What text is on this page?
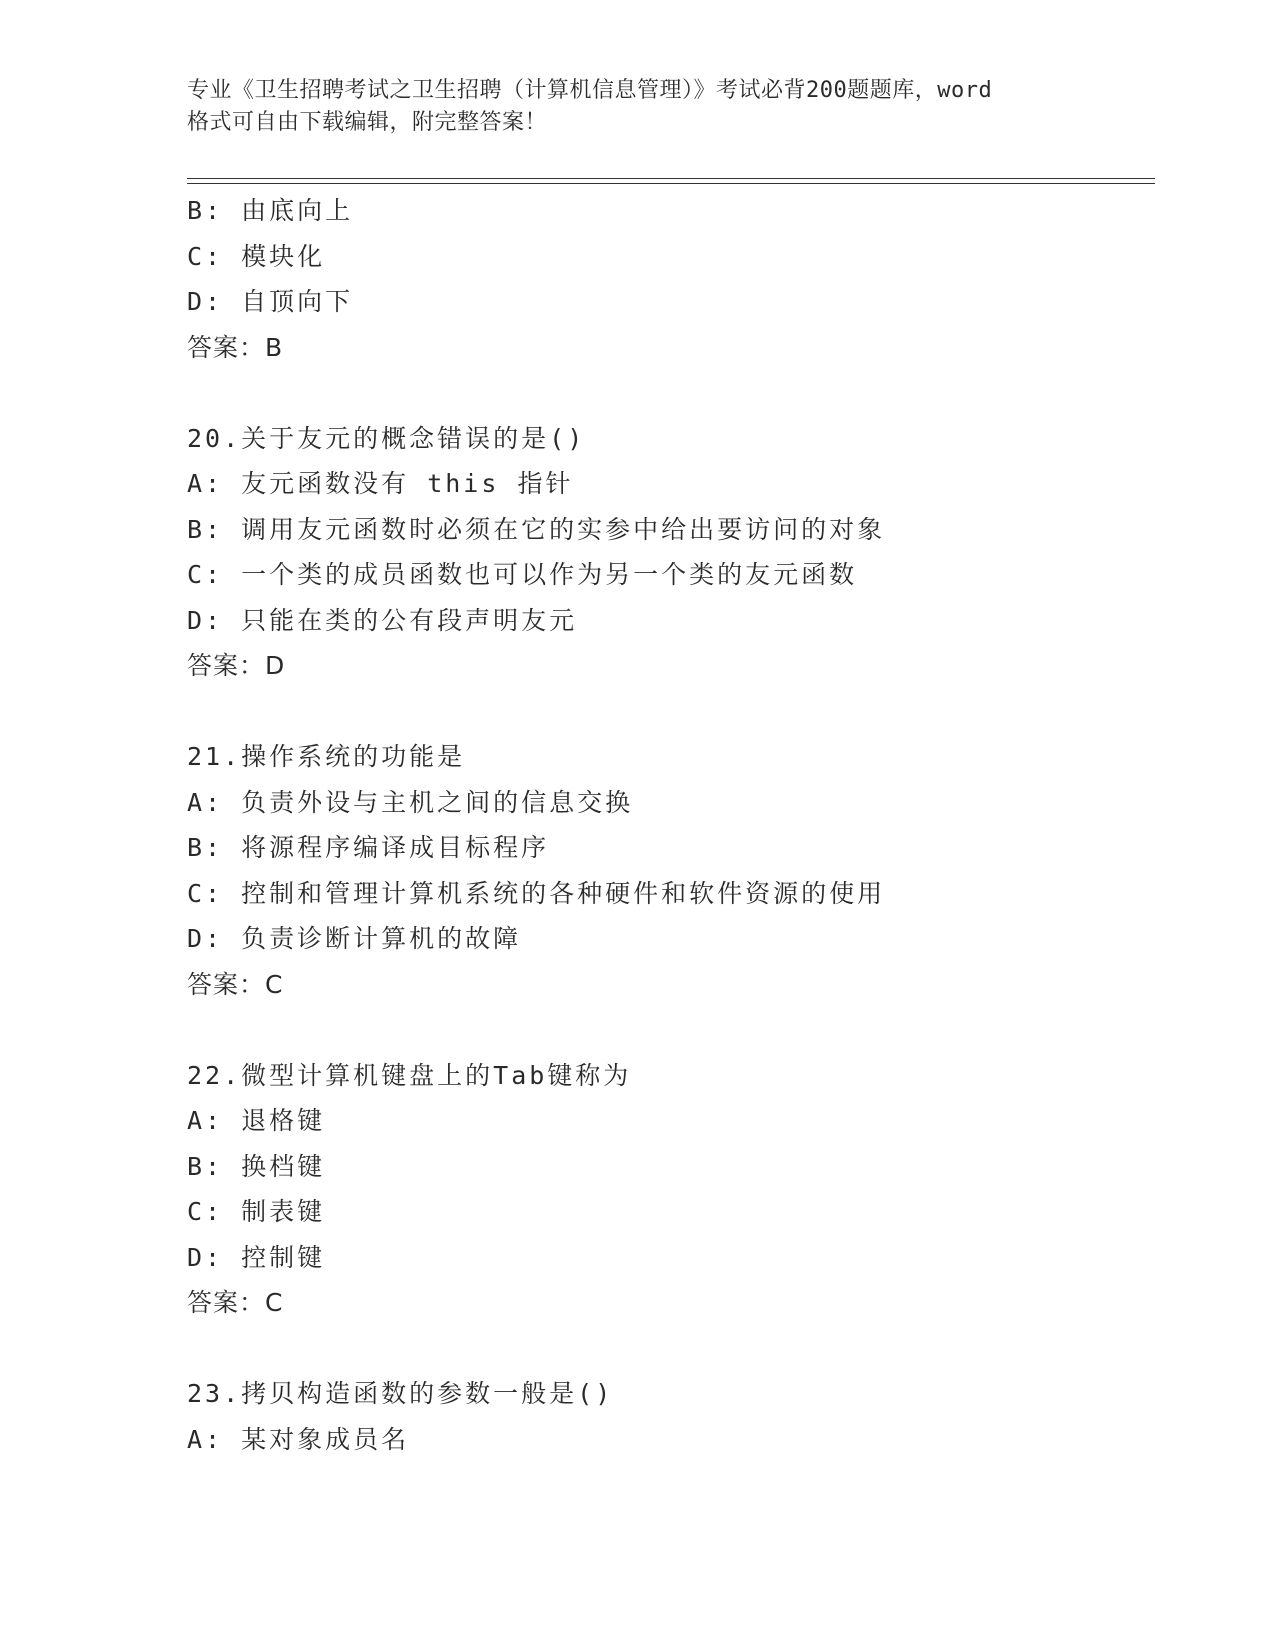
专业《卫生招聘考试之卫生招聘（计算机信息管理）》考试必背200题题库，word
格式可自由下载编辑，附完整答案！
B: 由底向上
C: 模块化
D: 自顶向下
答案：B
20.关于友元的概念错误的是()
A: 友元函数没有 this 指针
B: 调用友元函数时必须在它的实参中给出要访问的对象
C: 一个类的成员函数也可以作为另一个类的友元函数
D: 只能在类的公有段声明友元
答案：D
21.操作系统的功能是
A: 负责外设与主机之间的信息交换
B: 将源程序编译成目标程序
C: 控制和管理计算机系统的各种硬件和软件资源的使用
D: 负责诊断计算机的故障
答案：C
22.微型计算机键盘上的Tab键称为
A: 退格键
B: 换档键
C: 制表键
D: 控制键
答案：C
23.拷贝构造函数的参数一般是()
A: 某对象成员名
